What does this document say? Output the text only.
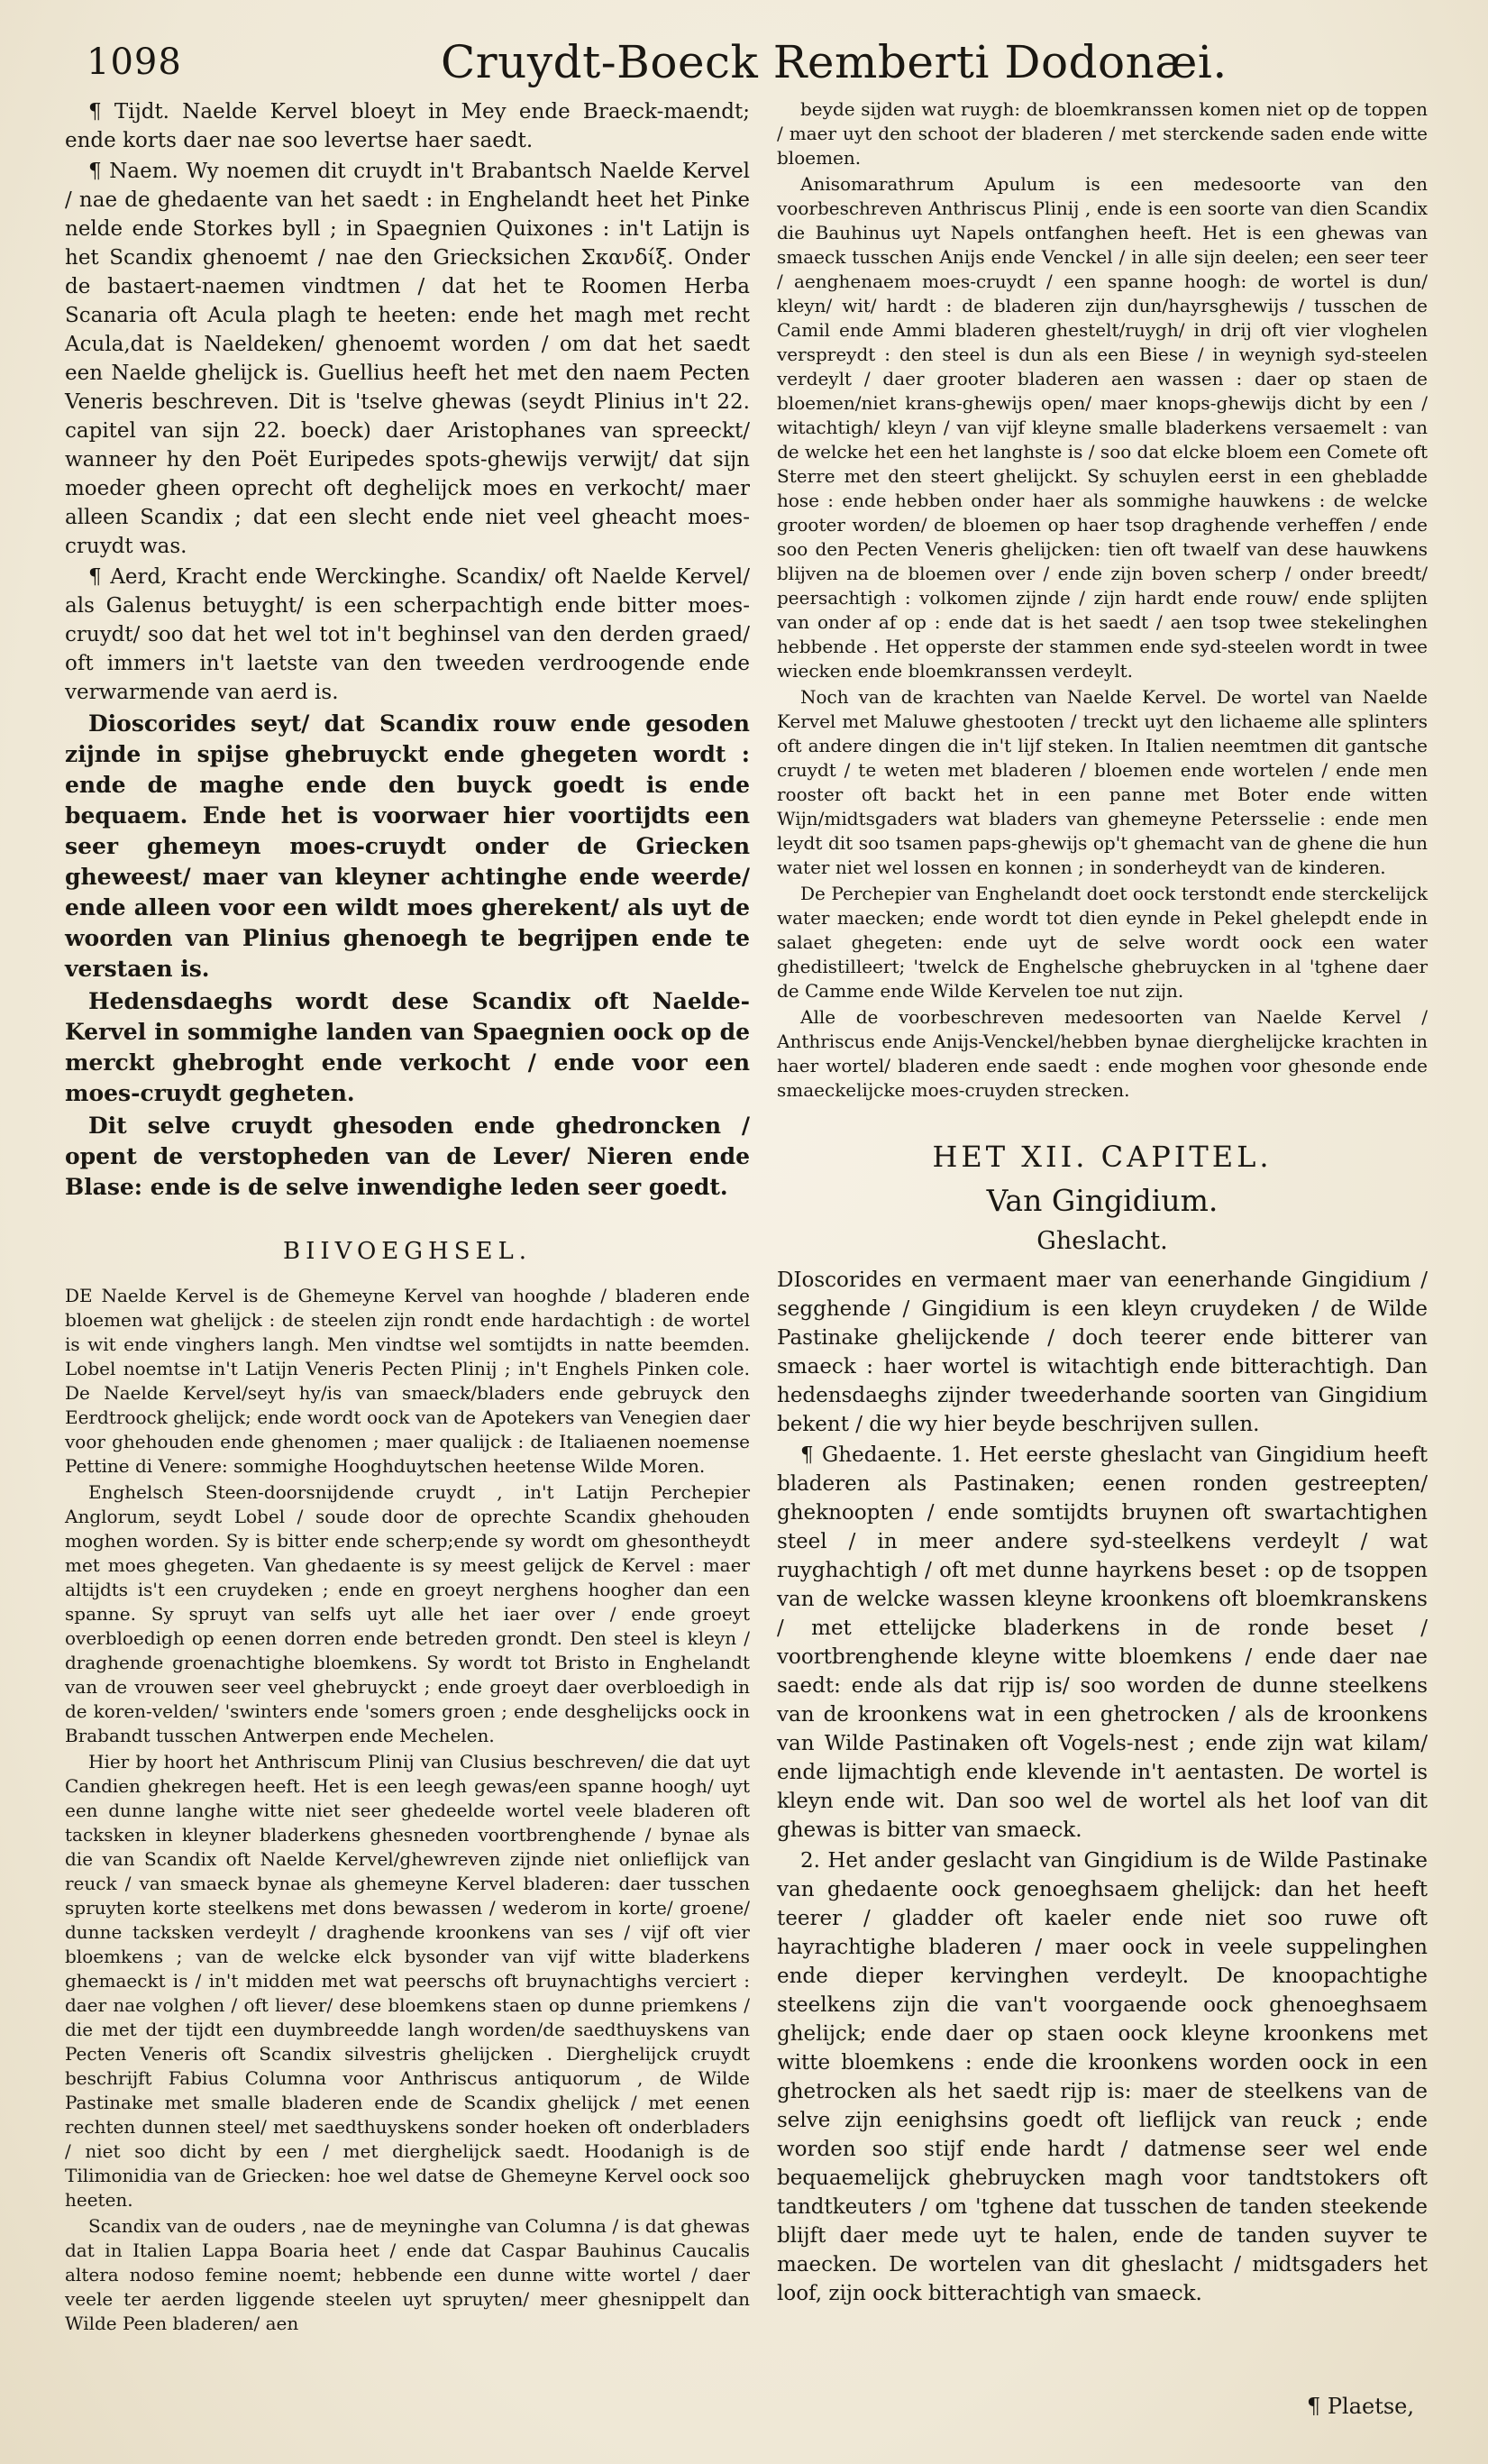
1098	Cruydt-Boeck Remberti Dodonæi.

¶ Tijdt. Naelde Kervel bloeyt in Mey ende Braeck-maendt; ende korts daer nae soo levertse haer saedt.

¶ Naem. Wy noemen dit cruydt in't Brabantsch Naelde Kervel / nae de ghedaente van het saedt : in Enghelandt heet het Pinke nelde ende Storkes byll ; in Spaegnien Quixones : in't Latijn is het Scandix ghenoemt / nae den Griecksichen Σκανδίξ. Onder de bastaert-naemen vindtmen / dat het te Roomen Herba Scanaria oft Acula plagh te heeten: ende het magh met recht Acula,dat is Naeldeken/ ghenoemt worden / om dat het saedt een Naelde ghelijck is. Guellius heeft het met den naem Pecten Veneris beschreven. Dit is 'tselve ghewas (seydt Plinius in't 22. capitel van sijn 22. boeck) daer Aristophanes van spreeckt/ wanneer hy den Poët Euripedes spots-ghewijs verwijt/ dat sijn moeder gheen oprecht oft deghelijck moes en verkocht/ maer alleen Scandix ; dat een slecht ende niet veel gheacht moes-cruydt was.

¶ Aerd, Kracht ende Werckinghe. Scandix/ oft Naelde Kervel/ als Galenus betuyght/ is een scherpachtigh ende bitter moes-cruydt/ soo dat het wel tot in't beghinsel van den derden graed/ oft immers in't laetste van den tweeden verdroogende ende verwarmende van aerd is.

Dioscorides seyt/ dat Scandix rouw ende gesoden zijnde in spijse ghebruyckt ende ghegeten wordt : ende de maghe ende den buyck goedt is ende bequaem. Ende het is voorwaer hier voortijdts een seer ghemeyn moes-cruydt onder de Griecken gheweest/ maer van kleyner achtinghe ende weerde/ ende alleen voor een wildt moes gherekent/ als uyt de woorden van Plinius ghenoegh te begrijpen ende te verstaen is.

Hedensdaeghs wordt dese Scandix oft Naelde-Kervel in sommighe landen van Spaegnien oock op de merckt ghebroght ende verkocht / ende voor een moes-cruydt gegheten.

Dit selve cruydt ghesoden ende ghedroncken / opent de verstopheden van de Lever/ Nieren ende Blase: ende is de selve inwendighe leden seer goedt.

BIIVOEGHSEL.

DE Naelde Kervel is de Ghemeyne Kervel van hooghde / bladeren ende bloemen wat ghelijck : de steelen zijn rondt ende hardachtigh : de wortel is wit ende vinghers langh. Men vindtse wel somtijdts in natte beemden. Lobel noemtse in't Latijn Veneris Pecten Plinij ; in't Enghels Pinken cole. De Naelde Kervel/seyt hy/is van smaeck/bladers ende gebruyck den Eerdtroock ghelijck; ende wordt oock van de Apotekers van Venegien daer voor ghehouden ende ghenomen ; maer qualijck : de Italiaenen noemense Pettine di Venere: sommighe Hooghduytschen heetense Wilde Moren.

Enghelsch Steen-doorsnijdende cruydt , in't Latijn Perchepier Anglorum, seydt Lobel / soude door de oprechte Scandix ghehouden moghen worden. Sy is bitter ende scherp;ende sy wordt om ghesontheydt met moes ghegeten. Van ghedaente is sy meest gelijck de Kervel : maer altijdts is't een cruydeken ; ende en groeyt nerghens hoogher dan een spanne. Sy spruyt van selfs uyt alle het iaer over / ende groeyt overbloedigh op eenen dorren ende betreden grondt. Den steel is kleyn / draghende groenachtighe bloemkens. Sy wordt tot Bristo in Enghelandt van de vrouwen seer veel ghebruyckt ; ende groeyt daer overbloedigh in de koren-velden/ 'swinters ende 'somers groen ; ende desghelijcks oock in Brabandt tusschen Antwerpen ende Mechelen.

Hier by hoort het Anthriscum Plinij van Clusius beschreven/ die dat uyt Candien ghekregen heeft. Het is een leegh gewas/een spanne hoogh/ uyt een dunne langhe witte niet seer ghedeelde wortel veele bladeren oft tacksken in kleyner bladerkens ghesneden voortbrenghende / bynae als die van Scandix oft Naelde Kervel/ghewreven zijnde niet onlieflijck van reuck / van smaeck bynae als ghemeyne Kervel bladeren: daer tusschen spruyten korte steelkens met dons bewassen / wederom in korte/ groene/ dunne tacksken verdeylt / draghende kroonkens van ses / vijf oft vier bloemkens ; van de welcke elck bysonder van vijf witte bladerkens ghemaeckt is / in't midden met wat peerschs oft bruynachtighs verciert : daer nae volghen / oft liever/ dese bloemkens staen op dunne priemkens / die met der tijdt een duymbreedde langh worden/de saedthuyskens van Pecten Veneris oft Scandix silvestris ghelijcken . Dierghelijck cruydt beschrijft Fabius Columna voor Anthriscus antiquorum , de Wilde Pastinake met smalle bladeren ende de Scandix ghelijck / met eenen rechten dunnen steel/ met saedthuyskens sonder hoeken oft onderbladers / niet soo dicht by een / met dierghelijck saedt. Hoodanigh is de Tilimonidia van de Griecken: hoe wel datse de Ghemeyne Kervel oock soo heeten.

Scandix van de ouders , nae de meyninghe van Columna / is dat ghewas dat in Italien Lappa Boaria heet / ende dat Caspar Bauhinus Caucalis altera nodoso femine noemt; hebbende een dunne witte wortel / daer veele ter aerden liggende steelen uyt spruyten/ meer ghesnippelt dan Wilde Peen bladeren/ aen

beyde sijden wat ruygh: de bloemkranssen komen niet op de toppen / maer uyt den schoot der bladeren / met sterckende saden ende witte bloemen.

Anisomarathrum Apulum is een medesoorte van den voorbeschreven Anthriscus Plinij , ende is een soorte van dien Scandix die Bauhinus uyt Napels ontfanghen heeft. Het is een ghewas van smaeck tusschen Anijs ende Venckel / in alle sijn deelen; een seer teer / aenghenaem moes-cruydt / een spanne hoogh: de wortel is dun/ kleyn/ wit/ hardt : de bladeren zijn dun/hayrsghewijs / tusschen de Camil ende Ammi bladeren ghestelt/ruygh/ in drij oft vier vloghelen verspreydt : den steel is dun als een Biese / in weynigh syd-steelen verdeylt / daer grooter bladeren aen wassen : daer op staen de bloemen/niet krans-ghewijs open/ maer knops-ghewijs dicht by een / witachtigh/ kleyn / van vijf kleyne smalle bladerkens versaemelt : van de welcke het een het langhste is / soo dat elcke bloem een Comete oft Sterre met den steert ghelijckt. Sy schuylen eerst in een ghebladde hose : ende hebben onder haer als sommighe hauwkens : de welcke grooter worden/ de bloemen op haer tsop draghende verheffen / ende soo den Pecten Veneris ghelijcken: tien oft twaelf van dese hauwkens blijven na de bloemen over / ende zijn boven scherp / onder breedt/ peersachtigh : volkomen zijnde / zijn hardt ende rouw/ ende splijten van onder af op : ende dat is het saedt / aen tsop twee stekelinghen hebbende . Het opperste der stammen ende syd-steelen wordt in twee wiecken ende bloemkranssen verdeylt.

Noch van de krachten van Naelde Kervel. De wortel van Naelde Kervel met Maluwe ghestooten / treckt uyt den lichaeme alle splinters oft andere dingen die in't lijf steken. In Italien neemtmen dit gantsche cruydt / te weten met bladeren / bloemen ende wortelen / ende men rooster oft backt het in een panne met Boter ende witten Wijn/midtsgaders wat bladers van ghemeyne Petersselie : ende men leydt dit soo tsamen paps-ghewijs op't ghemacht van de ghene die hun water niet wel lossen en konnen ; in sonderheydt van de kinderen.

De Perchepier van Enghelandt doet oock terstondt ende sterckelijck water maecken; ende wordt tot dien eynde in Pekel ghelepdt ende in salaet ghegeten: ende uyt de selve wordt oock een water ghedistilleert; 'twelck de Enghelsche ghebruycken in al 'tghene daer de Camme ende Wilde Kervelen toe nut zijn.

Alle de voorbeschreven medesoorten van Naelde Kervel / Anthriscus ende Anijs-Venckel/hebben bynae dierghelijcke krachten in haer wortel/ bladeren ende saedt : ende moghen voor ghesonde ende smaeckelijcke moes-cruyden strecken.

HET XII. CAPITEL.

Van Gingidium.

Gheslacht.

DIoscorides en vermaent maer van eenerhande Gingidium / segghende / Gingidium is een kleyn cruydeken / de Wilde Pastinake ghelijckende / doch teerer ende bitterer van smaeck : haer wortel is witachtigh ende bitterachtigh. Dan hedensdaeghs zijnder tweederhande soorten van Gingidium bekent / die wy hier beyde beschrijven sullen.

¶ Ghedaente. 1. Het eerste gheslacht van Gingidium heeft bladeren als Pastinaken; eenen ronden gestreepten/ gheknoopten / ende somtijdts bruynen oft swartachtighen steel / in meer andere syd-steelkens verdeylt / wat ruyghachtigh / oft met dunne hayrkens beset : op de tsoppen van de welcke wassen kleyne kroonkens oft bloemkranskens / met ettelijcke bladerkens in de ronde beset / voortbrenghende kleyne witte bloemkens / ende daer nae saedt: ende als dat rijp is/ soo worden de dunne steelkens van de kroonkens wat in een ghetrocken / als de kroonkens van Wilde Pastinaken oft Vogels-nest ; ende zijn wat kilam/ ende lijmachtigh ende klevende in't aentasten. De wortel is kleyn ende wit. Dan soo wel de wortel als het loof van dit ghewas is bitter van smaeck.

2. Het ander geslacht van Gingidium is de Wilde Pastinake van ghedaente oock genoeghsaem ghelijck: dan het heeft teerer / gladder oft kaeler ende niet soo ruwe oft hayrachtighe bladeren / maer oock in veele suppelinghen ende dieper kervinghen verdeylt. De knoopachtighe steelkens zijn die van't voorgaende oock ghenoeghsaem ghelijck; ende daer op staen oock kleyne kroonkens met witte bloemkens : ende die kroonkens worden oock in een ghetrocken als het saedt rijp is: maer de steelkens van de selve zijn eenighsins goedt oft lieflijck van reuck ; ende worden soo stijf ende hardt / datmense seer wel ende bequaemelijck ghebruycken magh voor tandtstokers oft tandtkeuters / om 'tghene dat tusschen de tanden steekende blijft daer mede uyt te halen, ende de tanden suyver te maecken. De wortelen van dit gheslacht / midtsgaders het loof, zijn oock bitterachtigh van smaeck.

¶ Plaetse,
